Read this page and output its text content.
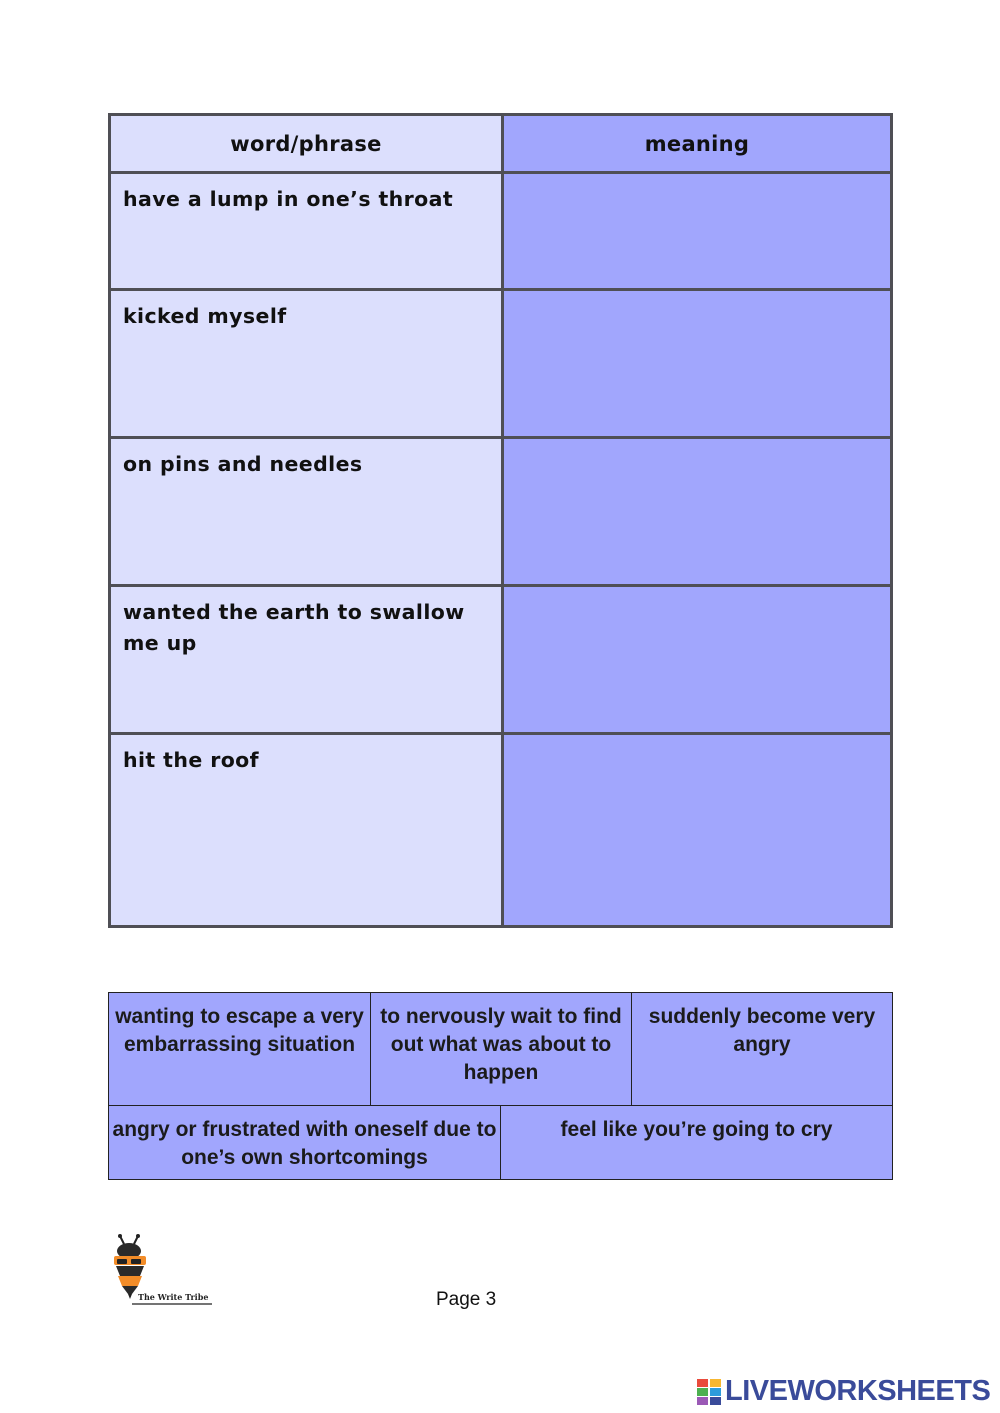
word/phrase	meaning
have a lump in one’s throat
kicked myself
on pins and needles
wanted the earth to swallow me up
hit the roof
wanting to escape a very embarrassing situation
to nervously wait to find out what was about to happen
suddenly become very angry
angry or frustrated with oneself due to one’s own shortcomings
feel like you’re going to cry
The Write Tribe	Page 3
LIVEWORKSHEETS
